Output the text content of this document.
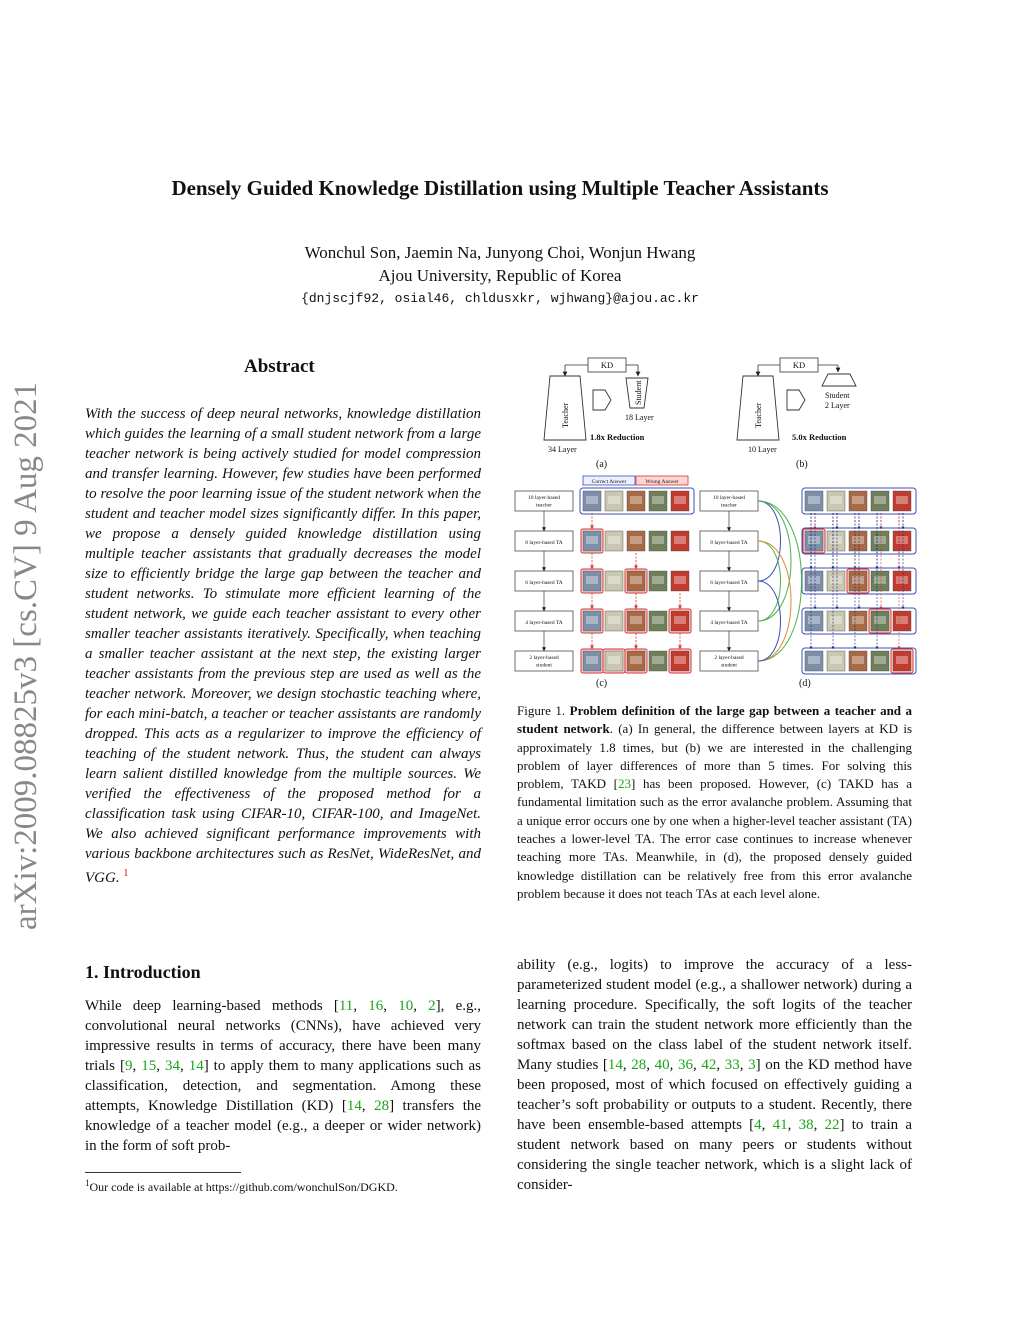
Densely Guided Knowledge Distillation using Multiple Teacher Assistants
Wonchul Son, Jaemin Na, Junyong Choi, Wonjun Hwang
Ajou University, Republic of Korea
{dnjscjf92, osial46, chldusxkr, wjhwang}@ajou.ac.kr
arXiv:2009.08825v3 [cs.CV] 9 Aug 2021
Abstract
With the success of deep neural networks, knowledge distillation which guides the learning of a small student network from a large teacher network is being actively studied for model compression and transfer learning. However, few studies have been performed to resolve the poor learning issue of the student network when the student and teacher model sizes significantly differ. In this paper, we propose a densely guided knowledge distillation using multiple teacher assistants that gradually decreases the model size to efficiently bridge the large gap between the teacher and student networks. To stimulate more efficient learning of the student network, we guide each teacher assistant to every other smaller teacher assistants iteratively. Specifically, when teaching a smaller teacher assistant at the next step, the existing larger teacher assistants from the previous step are used as well as the teacher network. Moreover, we design stochastic teaching where, for each mini-batch, a teacher or teacher assistants are randomly dropped. This acts as a regularizer to improve the efficiency of teaching of the student network. Thus, the student can always learn salient distilled knowledge from the multiple sources. We verified the effectiveness of the proposed method for a classification task using CIFAR-10, CIFAR-100, and ImageNet. We also achieved significant performance improvements with various backbone architectures such as ResNet, WideResNet, and VGG. $^1$
1. Introduction
While deep learning-based methods [11, 16, 10, 2], e.g., convolutional neural networks (CNNs), have achieved very impressive results in terms of accuracy, there have been many trials [9, 15, 34, 14] to apply them to many applications such as classification, detection, and segmentation. Among these attempts, Knowledge Distillation (KD) [14, 28] transfers the knowledge of a teacher model (e.g., a deeper or wider network) in the form of soft prob-
$^1$Our code is available at https://github.com/wonchulSon/DGKD.
KD
Teacher
Student
18 Layer
1.8x Reduction
34 Layer
(a)
KD
Teacher
Student
2 Layer
5.0x Reduction
10 Layer
(b)
Correct Answer	Wrong Answer
10 layer-based
teacher
8 layer-based TA
6 layer-based TA
4 layer-based TA
2 layer-based
student
10 layer-based
teacher
8 layer-based TA
6 layer-based TA
4 layer-based TA
2 layer-based
student
(c)	(d)
Figure 1. Problem definition of the large gap between a teacher and a student network. (a) In general, the difference between layers at KD is approximately 1.8 times, but (b) we are interested in the challenging problem of layer differences of more than 5 times. For solving this problem, TAKD [23] has been proposed. However, (c) TAKD has a fundamental limitation such as the error avalanche problem. Assuming that a unique error occurs one by one when a higher-level teacher assistant (TA) teaches a lower-level TA. The error case continues to increase whenever teaching more TAs. Meanwhile, in (d), the proposed densely guided knowledge distillation can be relatively free from this error avalanche problem because it does not teach TAs at each level alone.
ability (e.g., logits) to improve the accuracy of a less-parameterized student model (e.g., a shallower network) during a learning procedure. Specifically, the soft logits of the teacher network can train the student network more efficiently than the softmax based on the class label of the student network itself. Many studies [14, 28, 40, 36, 42, 33, 3] on the KD method have been proposed, most of which focused on effectively guiding a teacher’s soft probability or outputs to a student. Recently, there have been ensemble-based attempts [4, 41, 38, 22] to train a student network based on many peers or students without considering the single teacher network, which is a slight lack of consider-
